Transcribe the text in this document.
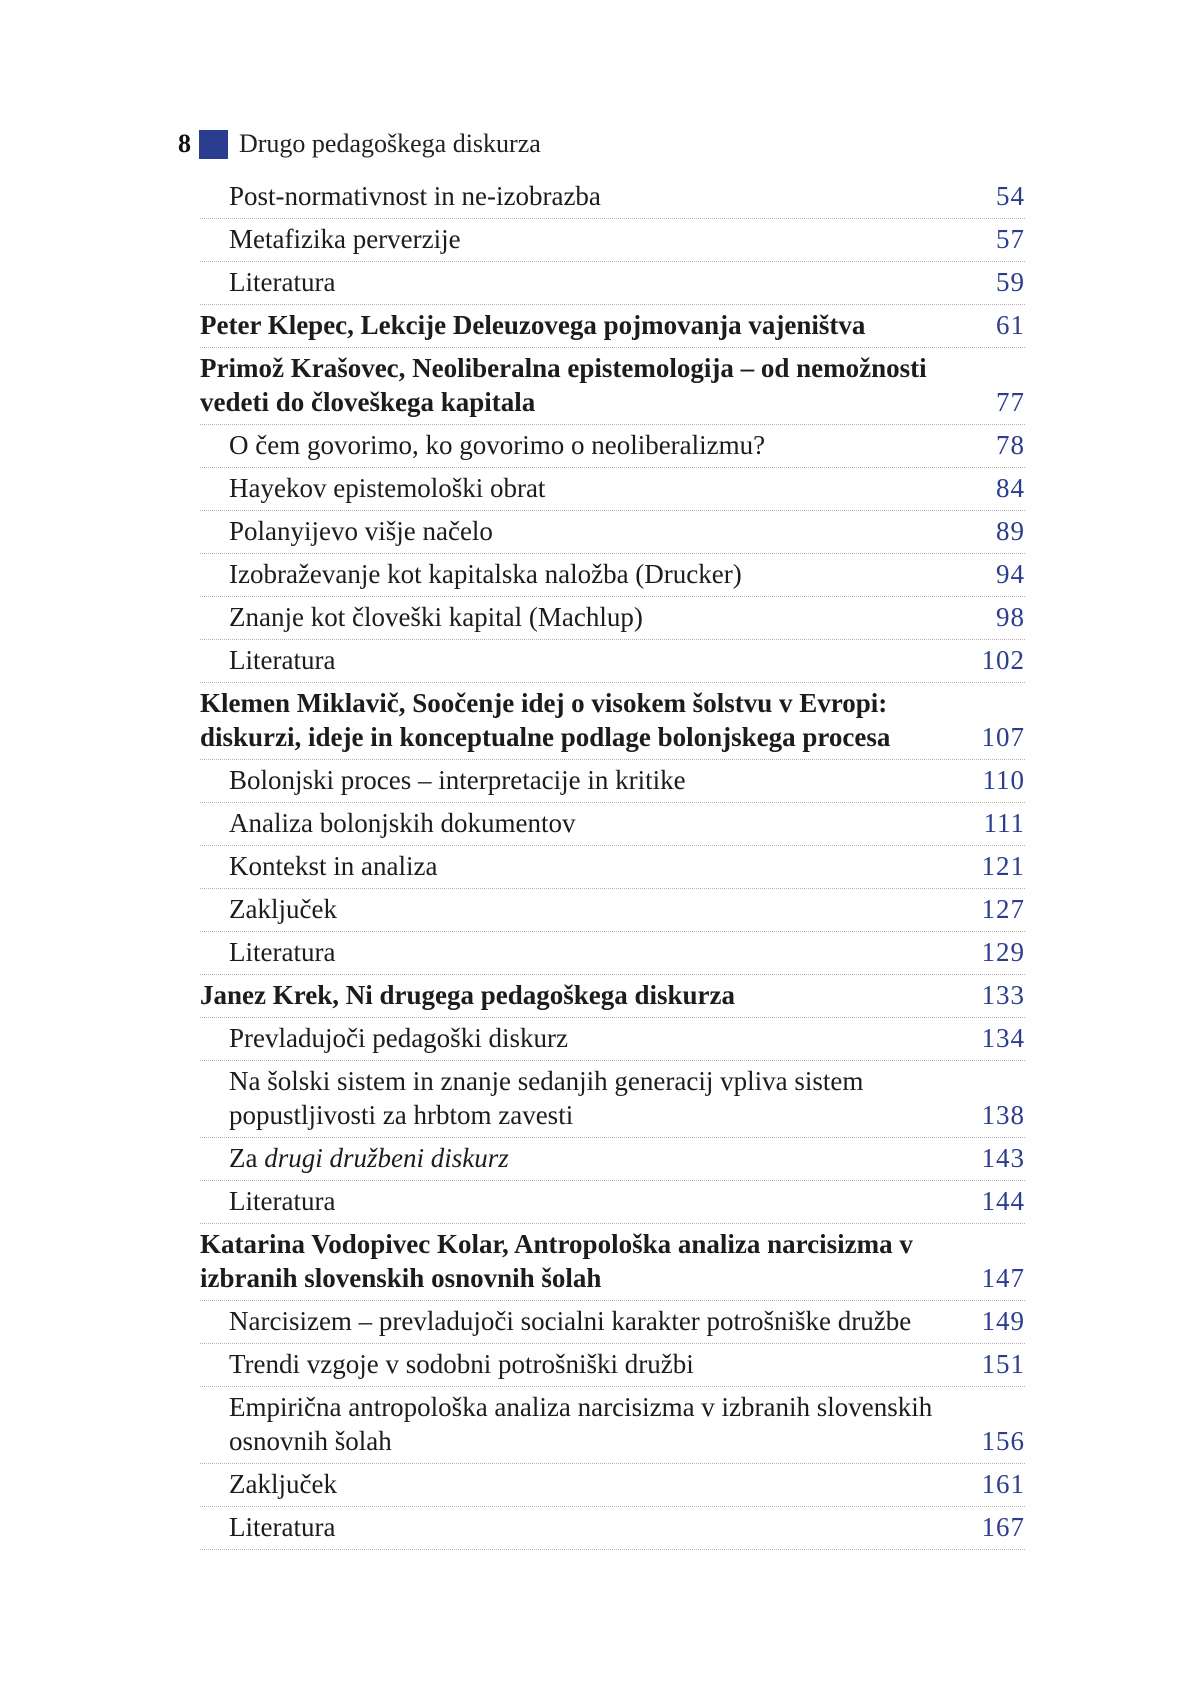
8 Drugo pedagoškega diskurza
Post-normativnost in ne-izobrazba	54
Metafizika perverzije	57
Literatura	59
Peter Klepec, Lekcije Deleuzovega pojmovanja vajeništva	61
Primož Krašovec, Neoliberalna epistemologija – od nemožnosti vedeti do človeškega kapitala	77
O čem govorimo, ko govorimo o neoliberalizmu?	78
Hayekov epistemološki obrat	84
Polanyijevo višje načelo	89
Izobraževanje kot kapitalska naložba (Drucker)	94
Znanje kot človeški kapital (Machlup)	98
Literatura	102
Klemen Miklavič, Soočenje idej o visokem šolstvu v Evropi: diskurzi, ideje in konceptualne podlage bolonjskega procesa	107
Bolonjski proces – interpretacije in kritike	110
Analiza bolonjskih dokumentov	111
Kontekst in analiza	121
Zaključek	127
Literatura	129
Janez Krek, Ni drugega pedagoškega diskurza	133
Prevladujoči pedagoški diskurz	134
Na šolski sistem in znanje sedanjih generacij vpliva sistem popustljivosti za hrbtom zavesti	138
Za drugi družbeni diskurz	143
Literatura	144
Katarina Vodopivec Kolar, Antropološka analiza narcisizma v izbranih slovenskih osnovnih šolah	147
Narcisizem – prevladujoči socialni karakter potrošniške družbe	149
Trendi vzgoje v sodobni potrošniški družbi	151
Empirična antropološka analiza narcisizma v izbranih slovenskih osnovnih šolah	156
Zaključek	161
Literatura	167
